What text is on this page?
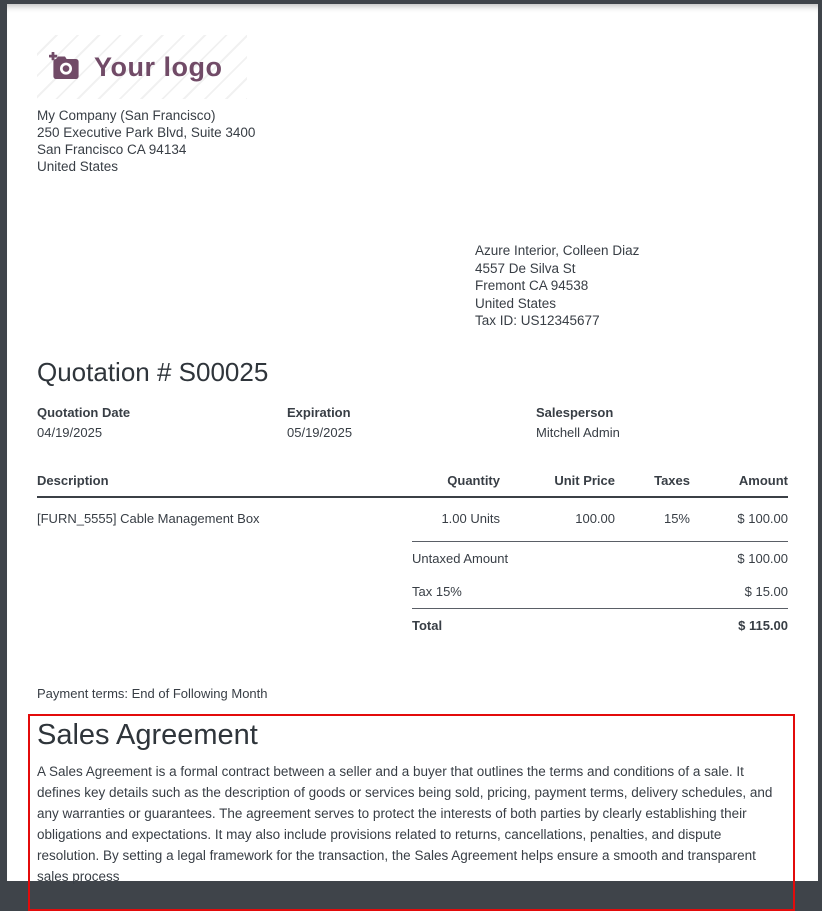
Your logo
My Company (San Francisco)
250 Executive Park Blvd, Suite 3400
San Francisco CA 94134
United States
Azure Interior, Colleen Diaz
4557 De Silva St
Fremont CA 94538
United States
Tax ID: US12345677
Quotation # S00025
Quotation Date
04/19/2025
Expiration
05/19/2025
Salesperson
Mitchell Admin
Description	Quantity	Unit Price	Taxes	Amount
[FURN_5555] Cable Management Box	1.00 Units	100.00	15%	$ 100.00
Untaxed Amount	$ 100.00
Tax 15%	$ 15.00
Total	$ 115.00
Payment terms: End of Following Month
Sales Agreement
A Sales Agreement is a formal contract between a seller and a buyer that outlines the terms and conditions of a sale. It defines key details such as the description of goods or services being sold, pricing, payment terms, delivery schedules, and any warranties or guarantees. The agreement serves to protect the interests of both parties by clearly establishing their obligations and expectations. It may also include provisions related to returns, cancellations, penalties, and dispute resolution. By setting a legal framework for the transaction, the Sales Agreement helps ensure a smooth and transparent sales process
